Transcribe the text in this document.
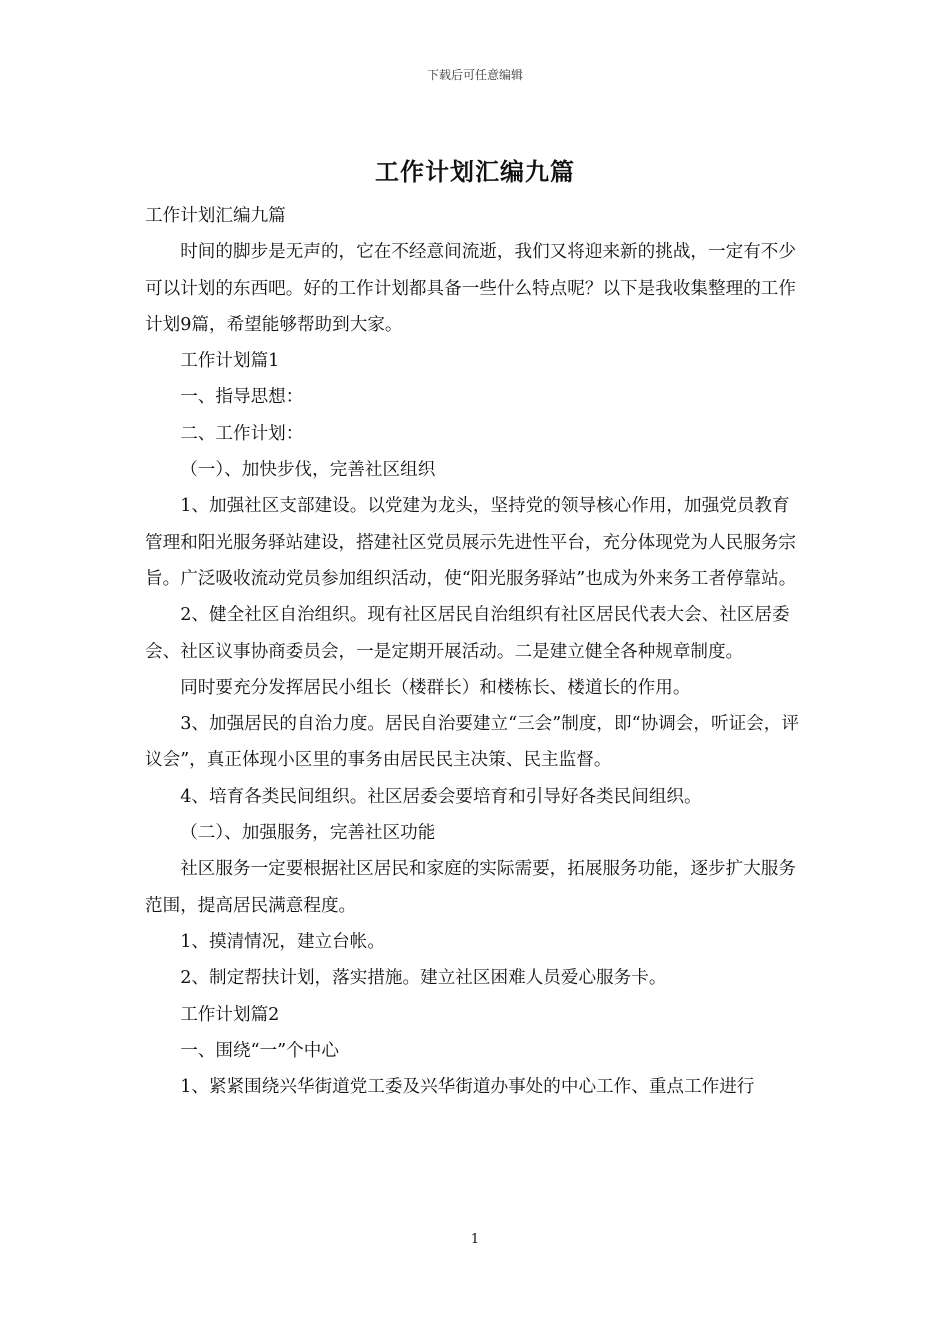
下载后可任意编辑
工作计划汇编九篇

工作计划汇编九篇

时间的脚步是无声的，它在不经意间流逝，我们又将迎来新的挑战，一定有不少可以计划的东西吧。好的工作计划都具备一些什么特点呢？以下是我收集整理的工作计划9篇，希望能够帮助到大家。

工作计划篇1

一、指导思想：

二、工作计划：

（一）、加快步伐，完善社区组织

1、加强社区支部建设。以党建为龙头，坚持党的领导核心作用，加强党员教育管理和阳光服务驿站建设，搭建社区党员展示先进性平台，充分体现党为人民服务宗旨。广泛吸收流动党员参加组织活动，使“阳光服务驿站”也成为外来务工者停靠站。

2、健全社区自治组织。现有社区居民自治组织有社区居民代表大会、社区居委会、社区议事协商委员会，一是定期开展活动。二是建立健全各种规章制度。

同时要充分发挥居民小组长（楼群长）和楼栋长、楼道长的作用。

3、加强居民的自治力度。居民自治要建立“三会”制度，即“协调会，听证会，评议会”，真正体现小区里的事务由居民民主决策、民主监督。

4、培育各类民间组织。社区居委会要培育和引导好各类民间组织。

（二）、加强服务，完善社区功能

社区服务一定要根据社区居民和家庭的实际需要，拓展服务功能，逐步扩大服务范围，提高居民满意程度。

1、摸清情况，建立台帐。

2、制定帮扶计划，落实措施。建立社区困难人员爱心服务卡。

工作计划篇2

一、围绕“一”个中心

1、紧紧围绕兴华街道党工委及兴华街道办事处的中心工作、重点工作进行

1
